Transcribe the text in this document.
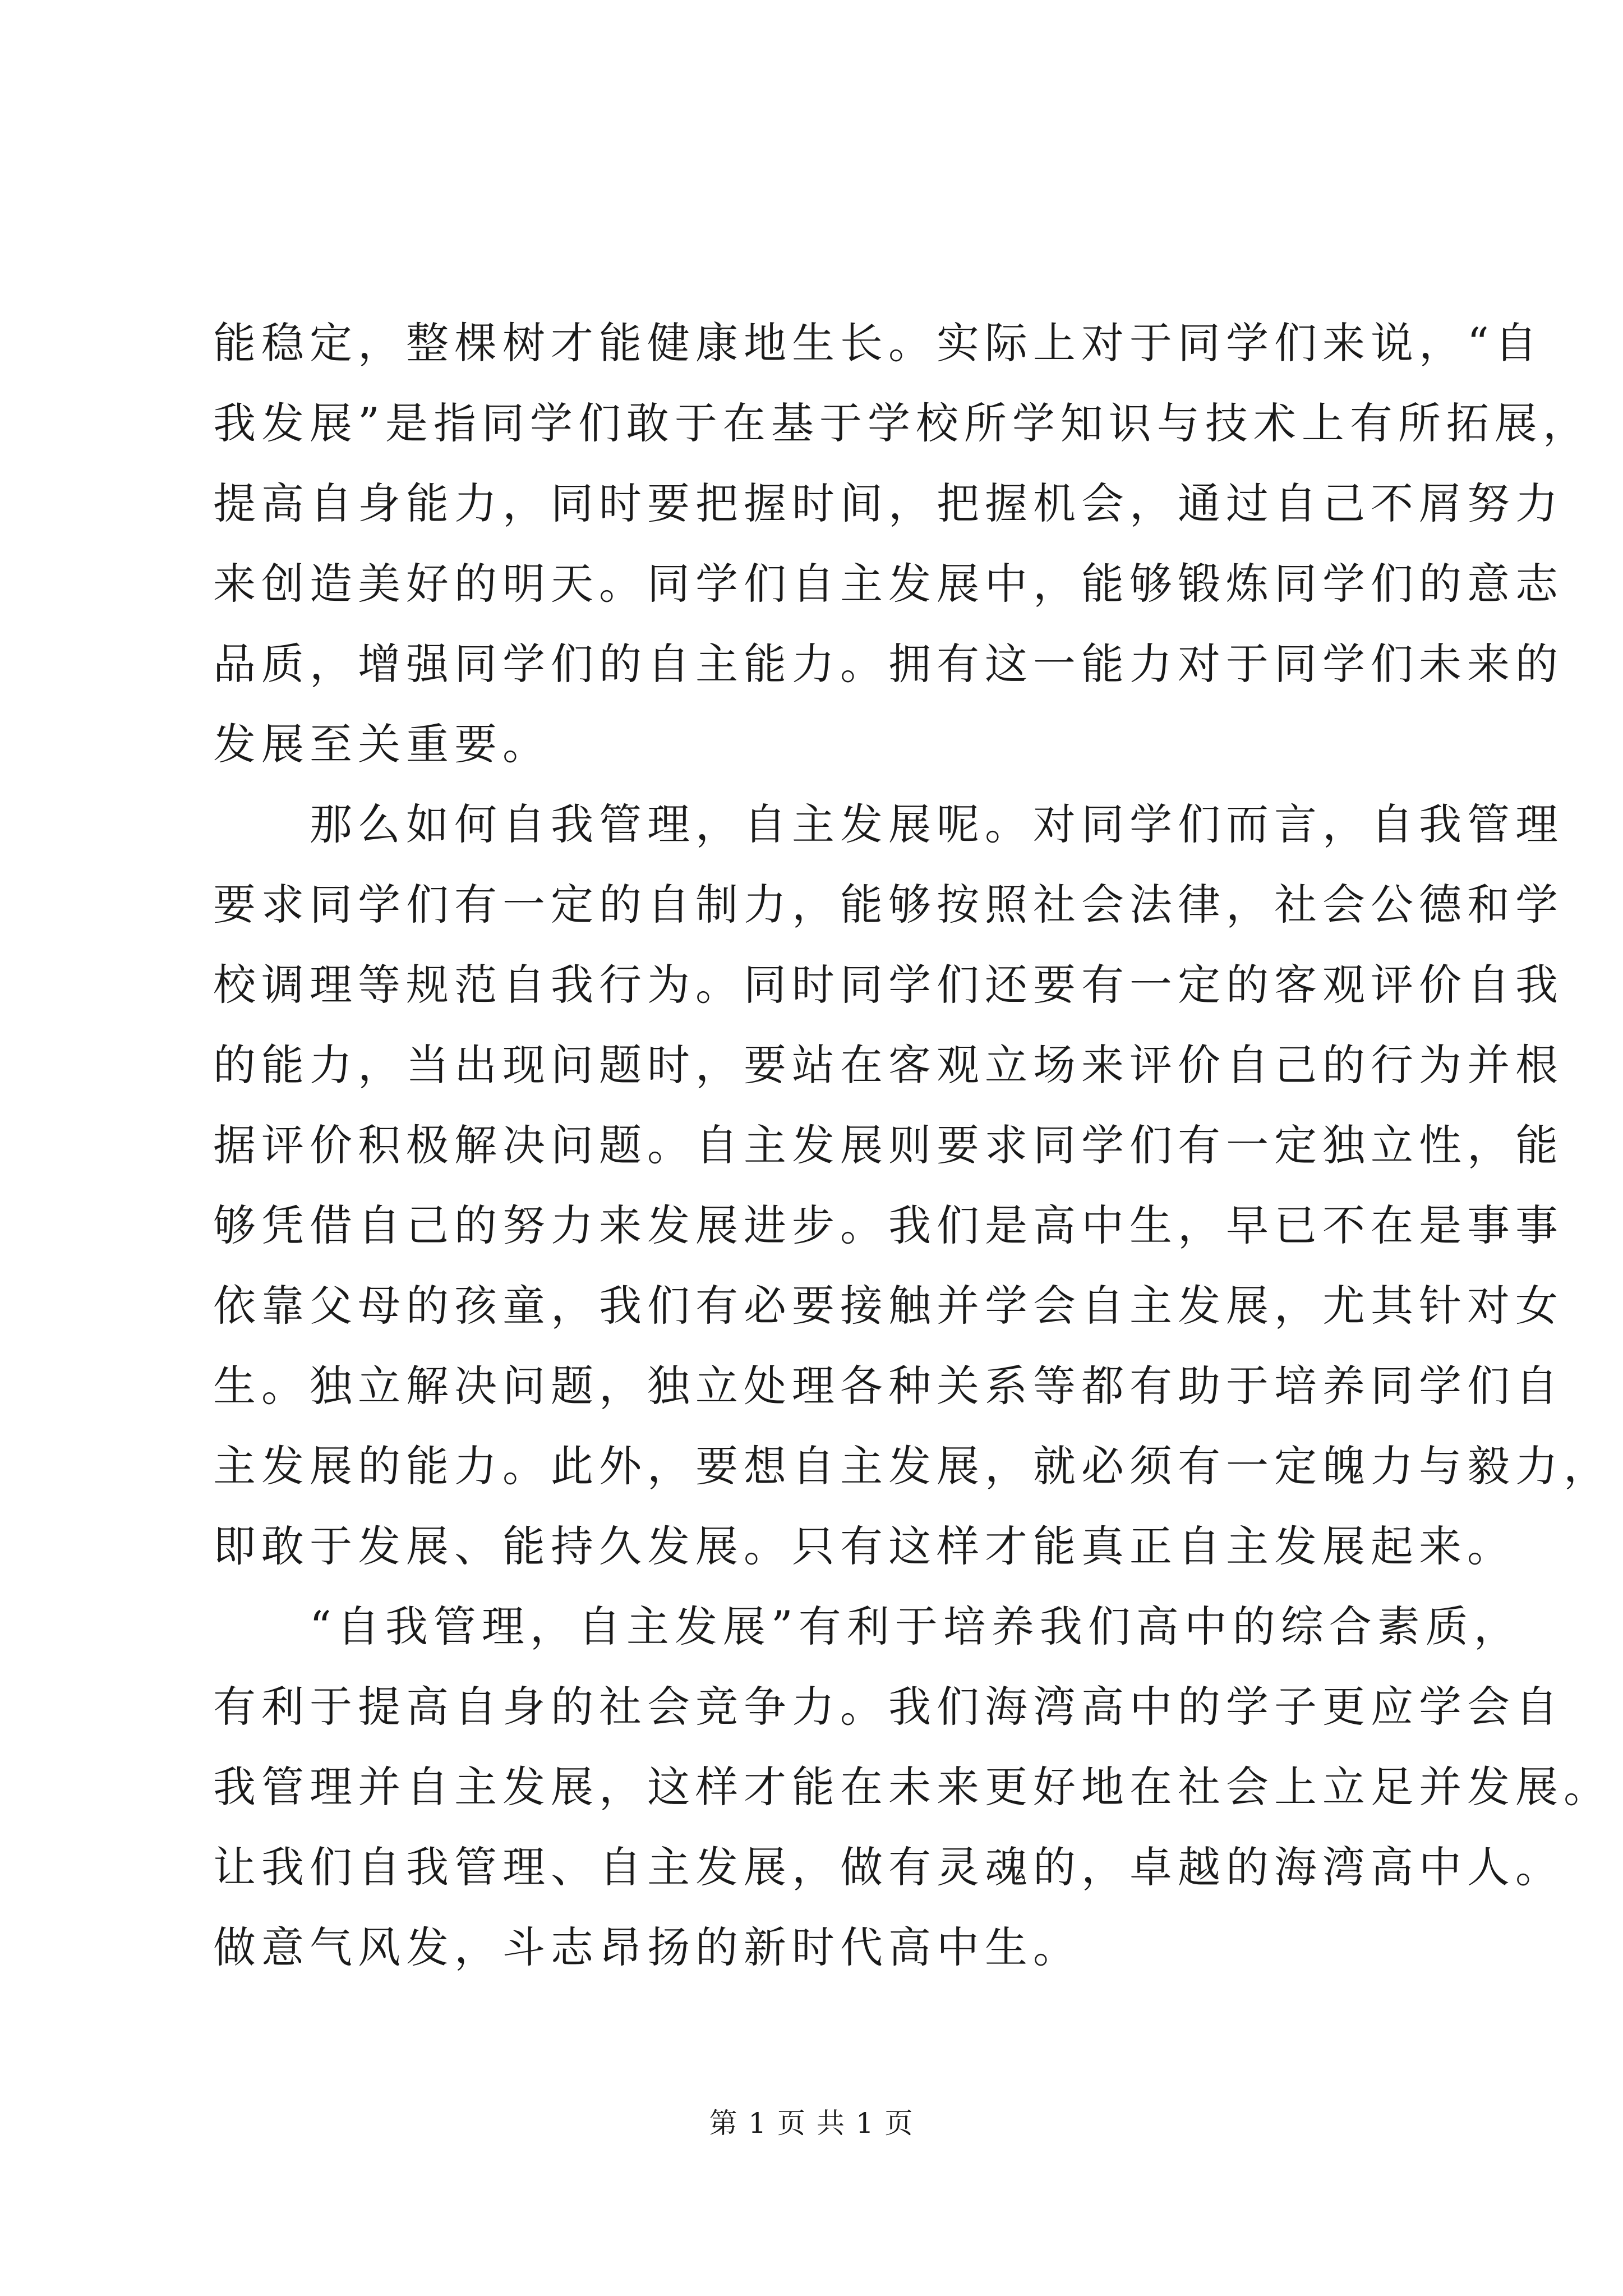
能稳定，整棵树才能健康地生长。实际上对于同学们来说，“自
我发展”是指同学们敢于在基于学校所学知识与技术上有所拓展，
提高自身能力，同时要把握时间，把握机会，通过自己不屑努力
来创造美好的明天。同学们自主发展中，能够锻炼同学们的意志
品质，增强同学们的自主能力。拥有这一能力对于同学们未来的
发展至关重要。
　　那么如何自我管理，自主发展呢。对同学们而言，自我管理
要求同学们有一定的自制力，能够按照社会法律，社会公德和学
校调理等规范自我行为。同时同学们还要有一定的客观评价自我
的能力，当出现问题时，要站在客观立场来评价自己的行为并根
据评价积极解决问题。自主发展则要求同学们有一定独立性，能
够凭借自己的努力来发展进步。我们是高中生，早已不在是事事
依靠父母的孩童，我们有必要接触并学会自主发展，尤其针对女
生。独立解决问题，独立处理各种关系等都有助于培养同学们自
主发展的能力。此外，要想自主发展，就必须有一定魄力与毅力，
即敢于发展、能持久发展。只有这样才能真正自主发展起来。
　　“自我管理，自主发展”有利于培养我们高中的综合素质，
有利于提高自身的社会竞争力。我们海湾高中的学子更应学会自
我管理并自主发展，这样才能在未来更好地在社会上立足并发展。
让我们自我管理、自主发展，做有灵魂的，卓越的海湾高中人。
做意气风发，斗志昂扬的新时代高中生。
第 1 页 共 1 页
